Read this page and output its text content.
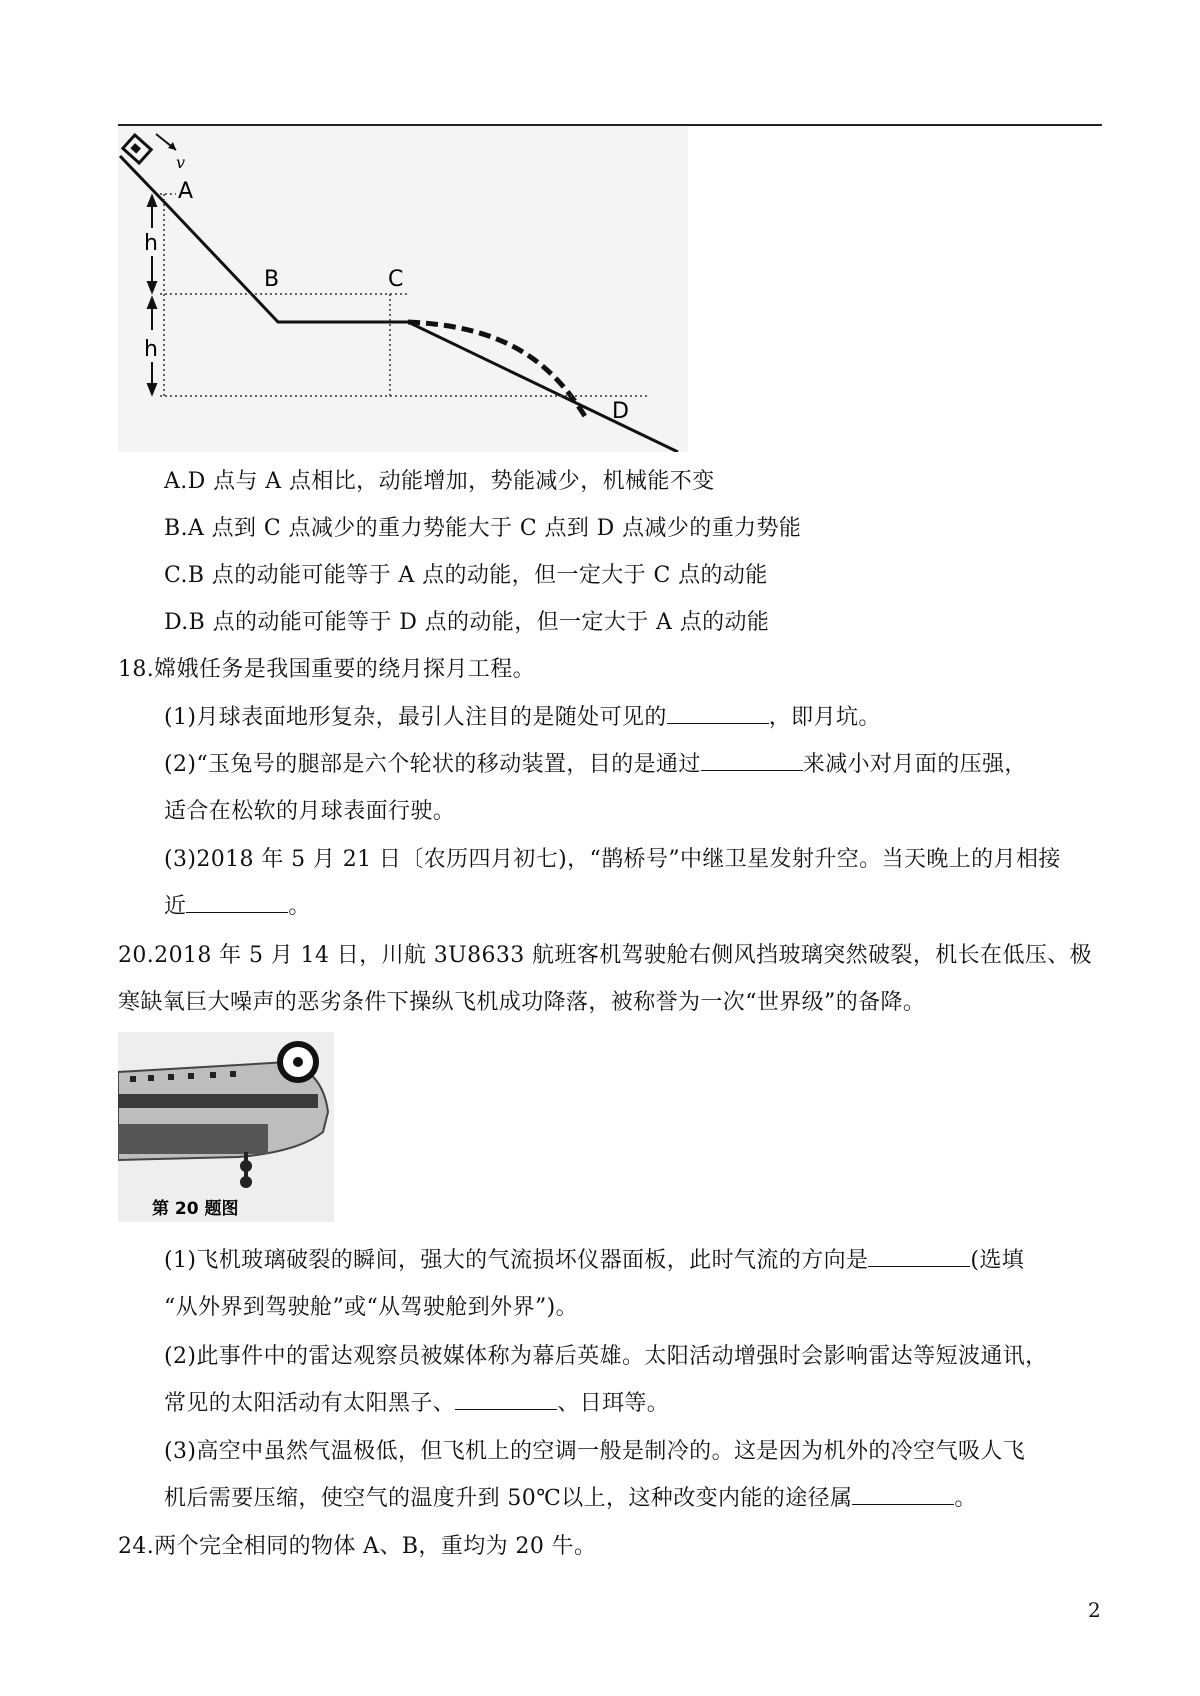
v
h
h
A
B	C
D
A.D 点与 A 点相比，动能增加，势能减少，机械能不变
B.A 点到 C 点减少的重力势能大于 C 点到 D 点减少的重力势能
C.B 点的动能可能等于 A 点的动能，但一定大于 C 点的动能
D.B 点的动能可能等于 D 点的动能，但一定大于 A 点的动能
18.嫦娥任务是我国重要的绕月探月工程。
(1)月球表面地形复杂，最引人注目的是随处可见的	，即月坑。
(2)“玉兔号的腿部是六个轮状的移动装置，目的是通过	来减小对月面的压强，
适合在松软的月球表面行驶。
(3)2018 年 5 月 21 日〔农历四月初七)，“鹊桥号”中继卫星发射升空。当天晚上的月相接
近	。
20.2018 年 5 月 14 日，川航 3U8633 航班客机驾驶舱右侧风挡玻璃突然破裂，机长在低压、极
寒缺氧巨大噪声的恶劣条件下操纵飞机成功降落，被称誉为一次“世界级”的备降。
第 20 题图
(1)飞机玻璃破裂的瞬间，强大的气流损坏仪器面板，此时气流的方向是	(选填
“从外界到驾驶舱”或“从驾驶舱到外界”)。
(2)此事件中的雷达观察员被媒体称为幕后英雄。太阳活动增强时会影响雷达等短波通讯，
常见的太阳活动有太阳黑子、	、日珥等。
(3)高空中虽然气温极低，但飞机上的空调一般是制冷的。这是因为机外的冷空气吸人飞
机后需要压缩，使空气的温度升到 50℃以上，这种改变内能的途径属	。
24.两个完全相同的物体 A、B，重均为 20 牛。
2
